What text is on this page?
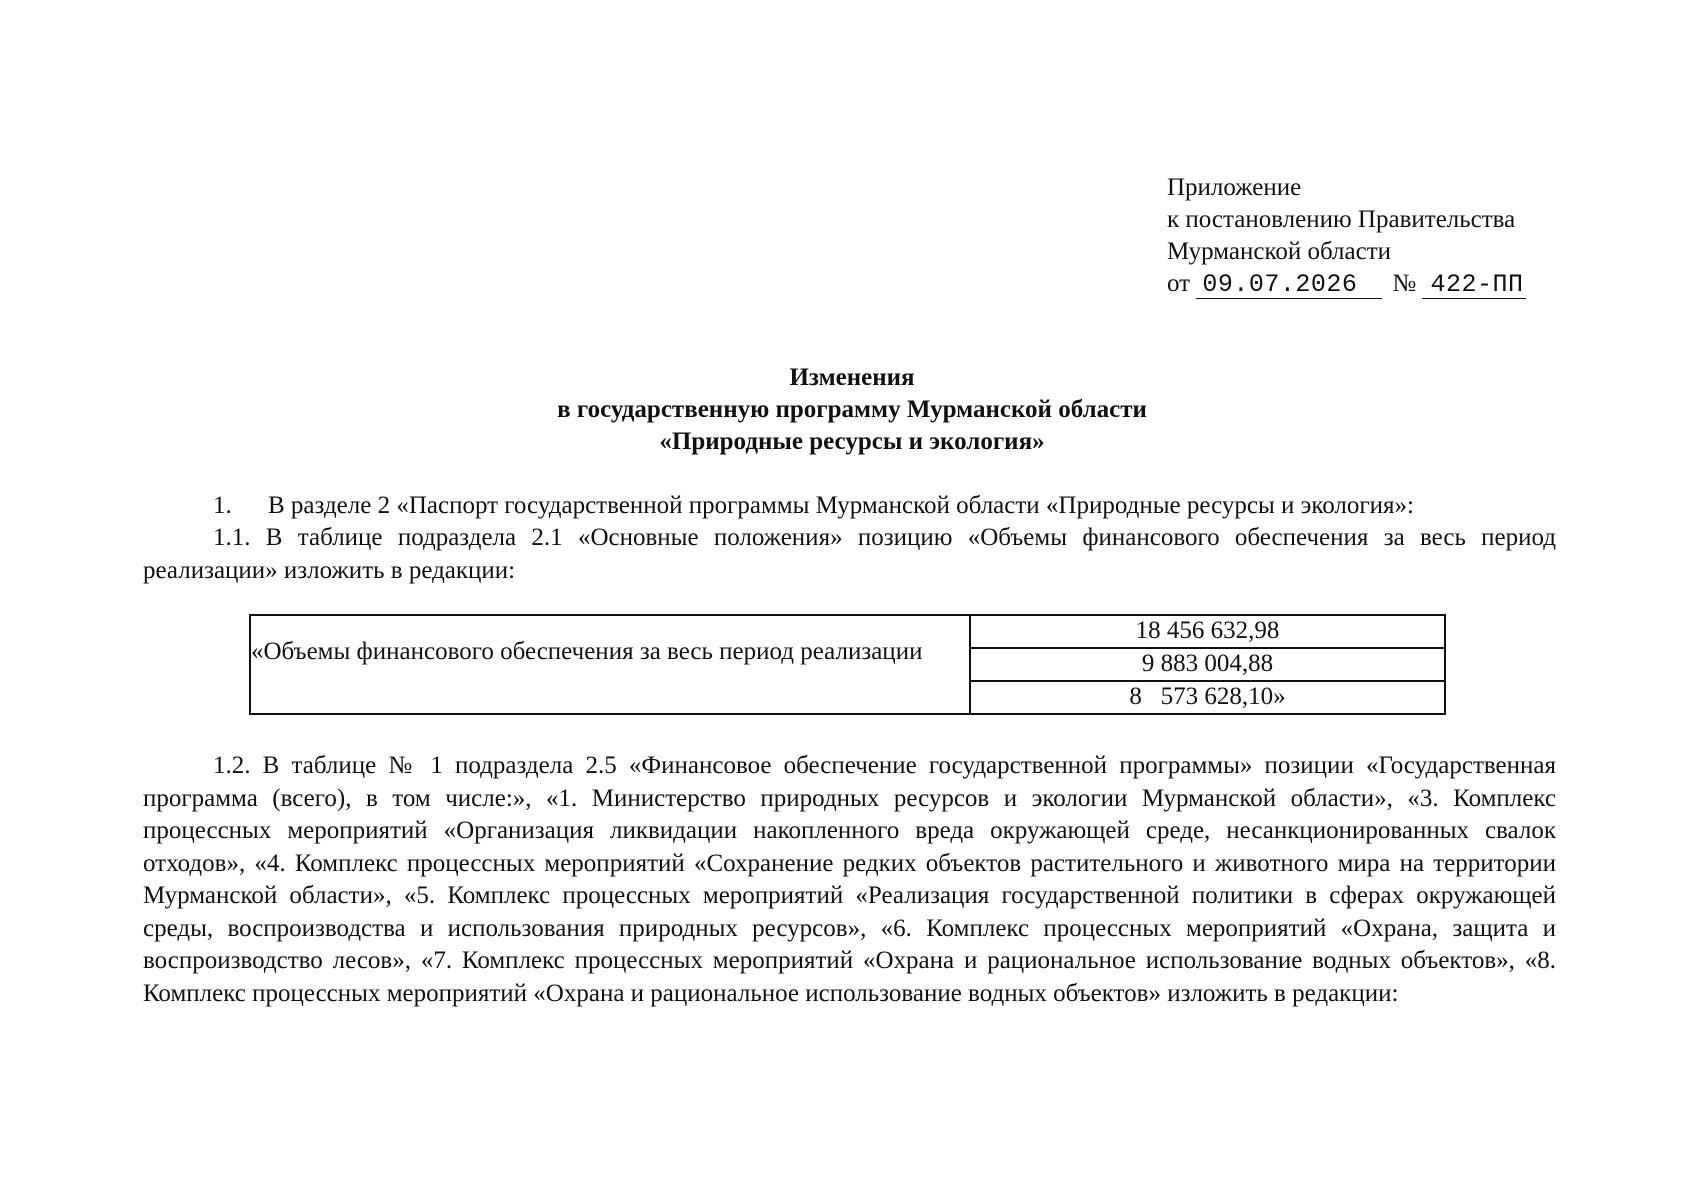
Приложение
к постановлению Правительства
Мурманской области
от 09.07.2026 № 422-ПП
Изменения
в государственную программу Мурманской области
«Природные ресурсы и экология»
1. В разделе 2 «Паспорт государственной программы Мурманской области «Природные ресурсы и экология»:
1.1. В таблице подраздела 2.1 «Основные положения» позицию «Объемы финансового обеспечения за весь период реализации» изложить в редакции:
«Объемы финансового обеспечения за весь период реализации
18 456 632,98
9 883 004,88
8   573 628,10»
1.2. В таблице № 1 подраздела 2.5 «Финансовое обеспечение государственной программы» позиции «Государственная программа (всего), в том числе:», «1. Министерство природных ресурсов и экологии Мурманской области», «3. Комплекс процессных мероприятий «Организация ликвидации накопленного вреда окружающей среде, несанкционированных свалок отходов», «4. Комплекс процессных мероприятий «Сохранение редких объектов растительного и животного мира на территории Мурманской области», «5. Комплекс процессных мероприятий «Реализация государственной политики в сферах окружающей среды, воспроизводства и использования природных ресурсов», «6. Комплекс процессных мероприятий «Охрана, защита и воспроизводство лесов», «7. Комплекс процессных мероприятий «Охрана и рациональное использование водных объектов», «8. Комплекс процессных мероприятий «Охрана и рациональное использование водных объектов» изложить в редакции:
